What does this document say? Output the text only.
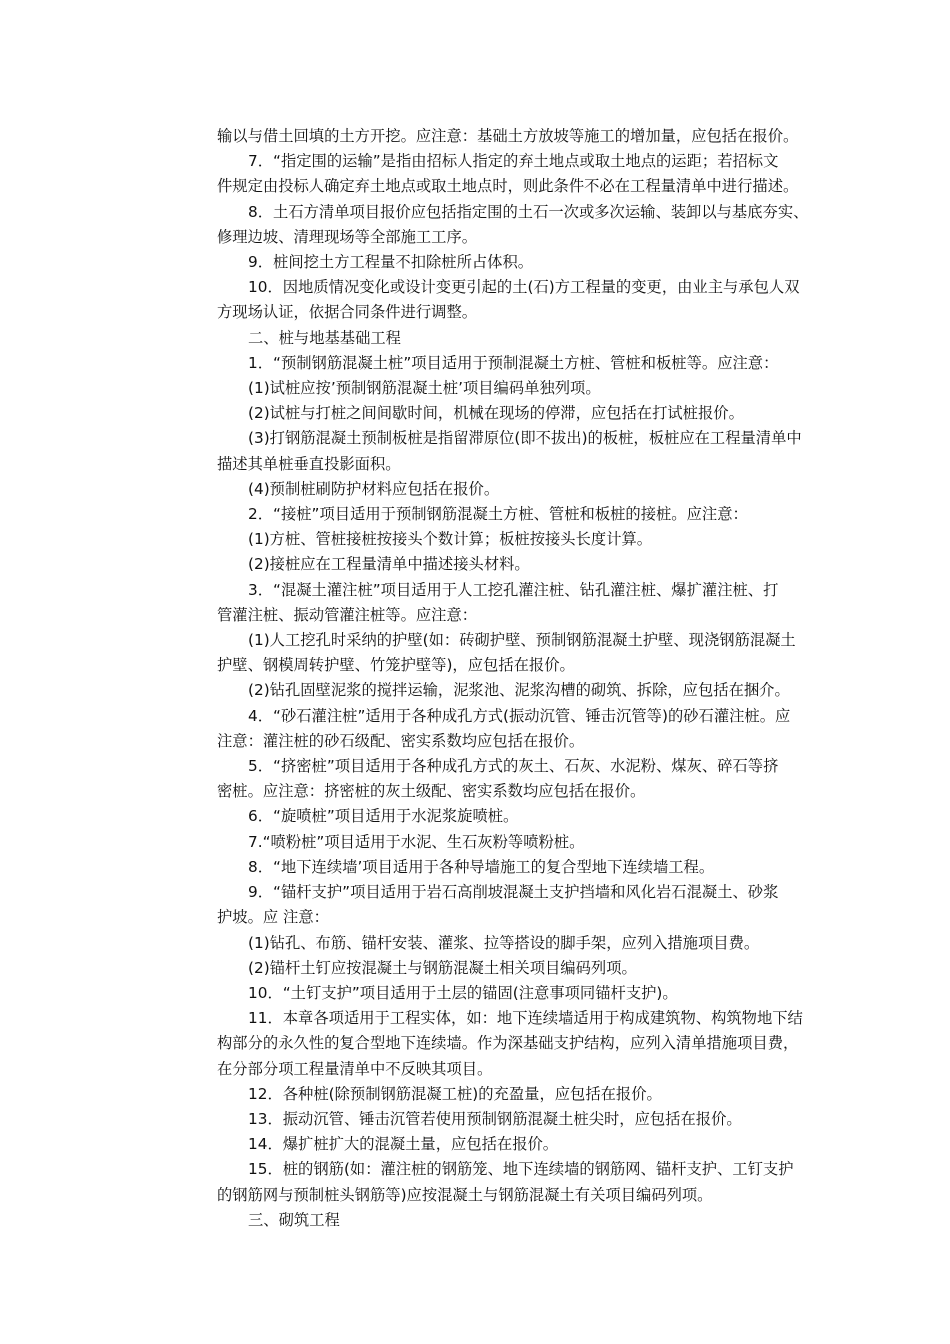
输以与借土回填的土方开挖。应注意：基础土方放坡等施工的增加量，应包括在报价。

7．“指定围的运输”是指由招标人指定的弃土地点或取土地点的运距；若招标文

件规定由投标人确定弃土地点或取土地点时，则此条件不必在工程量清单中进行描述。

8．土石方清单项目报价应包括指定围的土石一次或多次运输、装卸以与基底夯实、

修理边坡、清理现场等全部施工工序。

9．桩间挖土方工程量不扣除桩所占体积。

10．因地质情况变化或设计变更引起的土(石)方工程量的变更，由业主与承包人双

方现场认证，依据合同条件进行调整。

二、桩与地基基础工程

1．“预制钢筋混凝土桩”项目适用于预制混凝土方桩、管桩和板桩等。应注意：

(1)试桩应按’预制钢筋混凝土桩’项目编码单独列项。

(2)试桩与打桩之间间歇时间，机械在现场的停滞，应包括在打试桩报价。

(3)打钢筋混凝土预制板桩是指留滞原位(即不拔出)的板桩，板桩应在工程量清单中

描述其单桩垂直投影面积。

(4)预制桩刷防护材料应包括在报价。

2．“接桩”项目适用于预制钢筋混凝土方桩、管桩和板桩的接桩。应注意：

(1)方桩、管桩接桩按接头个数计算；板桩按接头长度计算。

(2)接桩应在工程量清单中描述接头材料。

3．“混凝土灌注桩”项目适用于人工挖孔灌注桩、钻孔灌注桩、爆扩灌注桩、打

管灌注桩、振动管灌注桩等。应注意：

(1)人工挖孔时采纳的护壁(如：砖砌护壁、预制钢筋混凝土护壁、现浇钢筋混凝土

护壁、钢模周转护壁、竹笼护壁等)，应包括在报价。

(2)钻孔固壁泥浆的搅拌运输，泥浆池、泥浆沟槽的砌筑、拆除，应包括在捆介。

4．“砂石灌注桩”适用于各种成孔方式(振动沉管、锤击沉管等)的砂石灌注桩。应

注意：灌注桩的砂石级配、密实系数均应包括在报价。

5．“挤密桩”项目适用于各种成孔方式的灰土、石灰、水泥粉、煤灰、碎石等挤

密桩。应注意：挤密桩的灰土级配、密实系数均应包括在报价。

6．“旋喷桩”项目适用于水泥浆旋喷桩。

7.“喷粉桩”项目适用于水泥、生石灰粉等喷粉桩。

8．“地下连续墙’项目适用于各种导墙施工的复合型地下连续墙工程。

9．“锚杆支护”项目适用于岩石高削坡混凝土支护挡墙和风化岩石混凝土、砂浆

护坡。应 注意：

(1)钻孔、布筋、锚杆安装、灌浆、拉等搭设的脚手架，应列入措施项目费。

(2)锚杆土钉应按混凝土与钢筋混凝土相关项目编码列项。

10．“土钉支护”项目适用于土层的锚固(注意事项同锚杆支护)。

11．本章各项适用于工程实体，如：地下连续墙适用于构成建筑物、构筑物地下结

构部分的永久性的复合型地下连续墙。作为深基础支护结构，应列入清单措施项目费，

在分部分项工程量清单中不反映其项目。

12．各种桩(除预制钢筋混凝工桩)的充盈量，应包括在报价。

13．振动沉管、锤击沉管若使用预制钢筋混凝土桩尖时，应包括在报价。

14．爆扩桩扩大的混凝土量，应包括在报价。

15．桩的钢筋(如：灌注桩的钢筋笼、地下连续墙的钢筋网、锚杆支护、工钉支护

的钢筋网与预制桩头钢筋等)应按混凝土与钢筋混凝土有关项目编码列项。

三、砌筑工程
